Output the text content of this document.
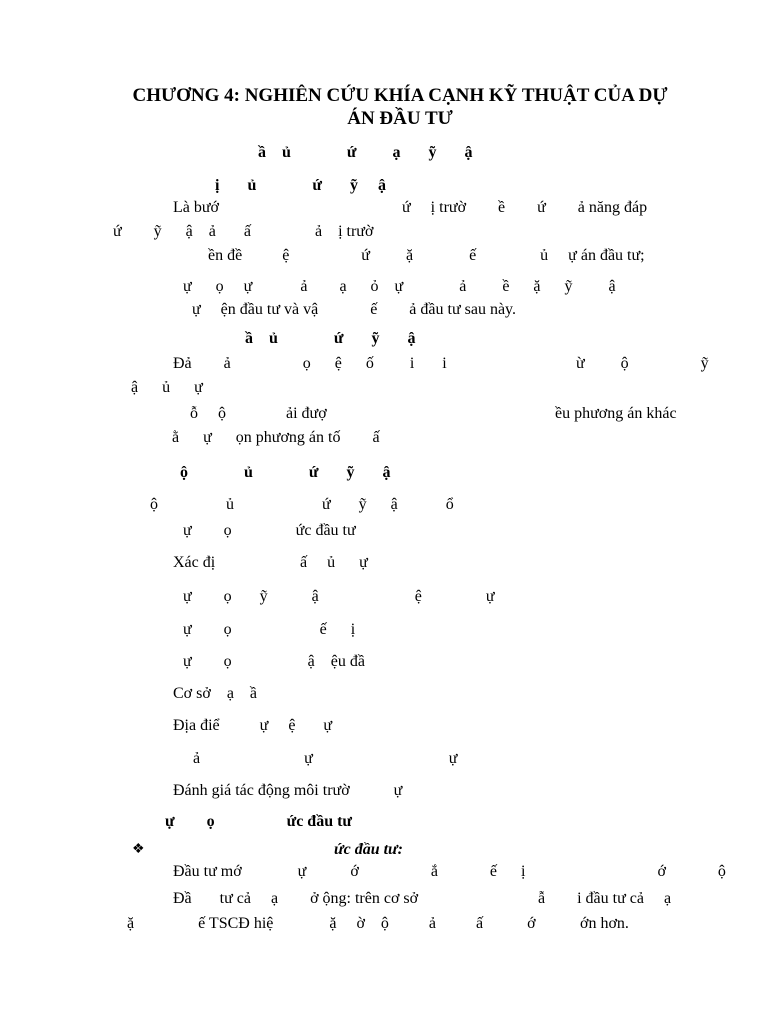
CHƯƠNG 4: NGHIÊN CỨU KHÍA CẠNH KỸ THUẬT CỦA DỰ
ÁN ĐẦU TƯ
ầ    ủ              ứ         ạ       ỹ       ậ
ị       ủ              ứ       ỹ     ậ
Là bướ	ứ     ị trườ        ề        ứ        ả năng đáp
ứ        ỹ      ậ    ả       ấ                ả    ị trườ
ền đề          ệ                  ứ         ặ              ế                ủ     ự án đầu tư;
ự      ọ     ự            ả        ạ      ỏ    ự              ả         ề      ặ      ỹ         ậ
ự     ện đầu tư và vậ             ế        ả đầu tư sau này.
ầ    ủ              ứ       ỹ       ậ
Đả        ả                  ọ      ệ      ố         i       i	ừ         ộ                  ỹ
ậ      ủ      ự
ỗ     ộ               ải đượ	ều phương án khác
ằ      ự      ọn phương án tố        ấ
ộ              ủ              ứ       ỹ       ậ
ộ                 ủ                      ứ       ỹ      ậ            ổ
ự        ọ                ức đầu tư
Xác đị	ấ     ủ      ự
ự        ọ       ỹ           ậ                        ệ                ự
ự        ọ                      ế      ị
ự        ọ                   ậ    ệu đầ
Cơ sở    ạ    ầ
Địa điể          ự     ệ       ự
ả                          ự                                  ự
Đánh giá tác động môi trườ           ự
ự        ọ                  ức đầu tư
ức đầu tư:
Đầu tư mớ              ự           ớ                  ắ             ế      ị                                 ớ             ộ
Đầ       tư cả     ạ        ở ộng: trên cơ sở	ẫ        i đầu tư cả     ạ
ặ                ế TSCĐ hiệ              ặ     ờ    ộ          ả          ấ           ớ	ớn hơn.
❖
